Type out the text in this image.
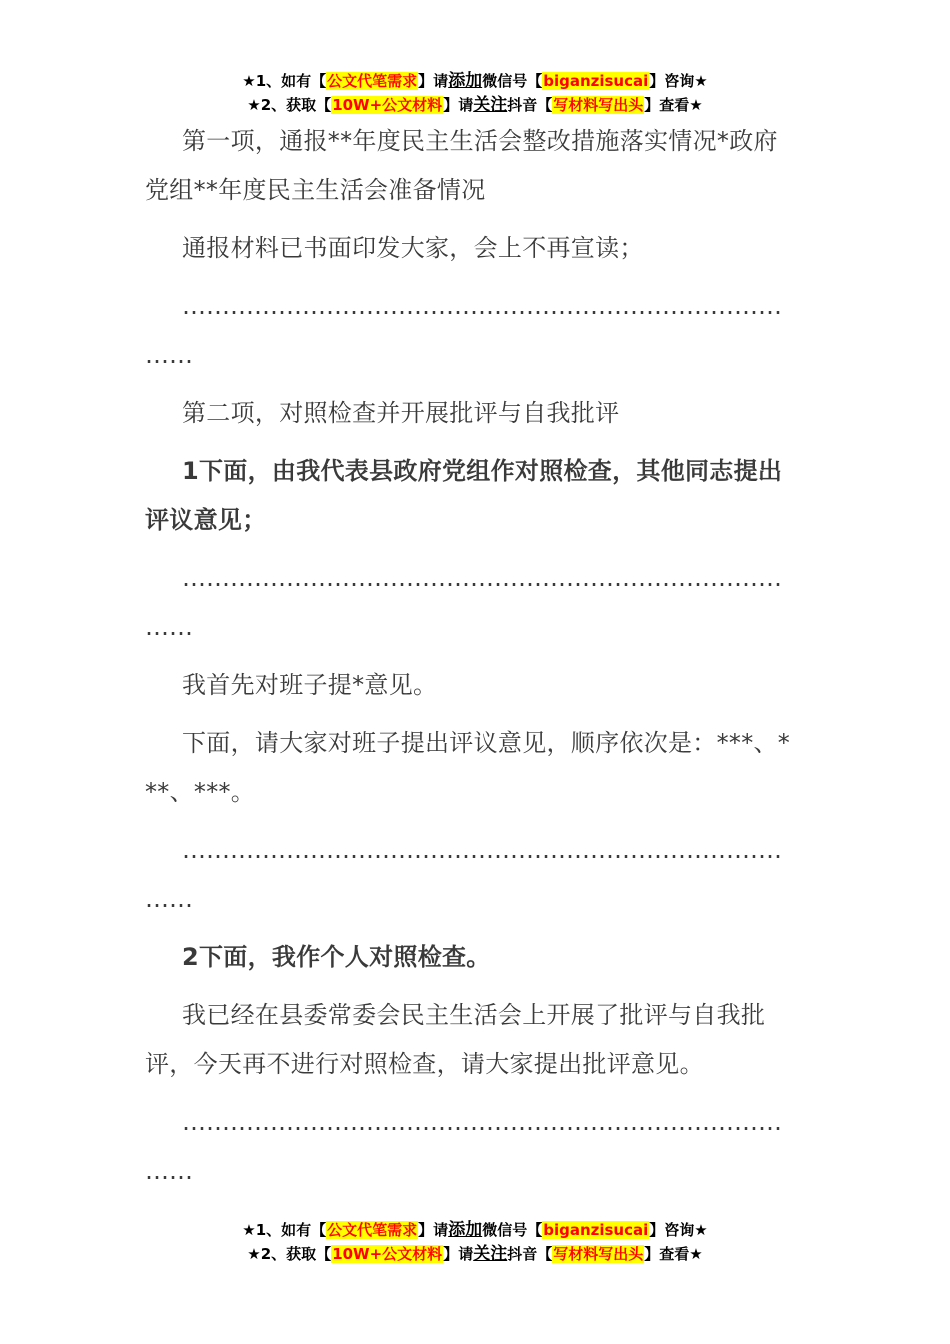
★1、如有【公文代笔需求】请添加微信号【biganzisucai】咨询★
★2、获取【10W+公文材料】请关注抖音【写材料写出头】查看★

第一项，通报**年度民主生活会整改措施落实情况*政府党组**年度民主生活会准备情况

通报材料已书面印发大家，会上不再宣读；

…………………………………………………………………
……

第二项，对照检查并开展批评与自我批评

1下面，由我代表县政府党组作对照检查，其他同志提出评议意见；

…………………………………………………………………
……

我首先对班子提*意见。

下面，请大家对班子提出评议意见，顺序依次是：***、***、***。

…………………………………………………………………
……

2下面，我作个人对照检查。

我已经在县委常委会民主生活会上开展了批评与自我批评，今天再不进行对照检查，请大家提出批评意见。

…………………………………………………………………
……
★1、如有【公文代笔需求】请添加微信号【biganzisucai】咨询★
★2、获取【10W+公文材料】请关注抖音【写材料写出头】查看★
